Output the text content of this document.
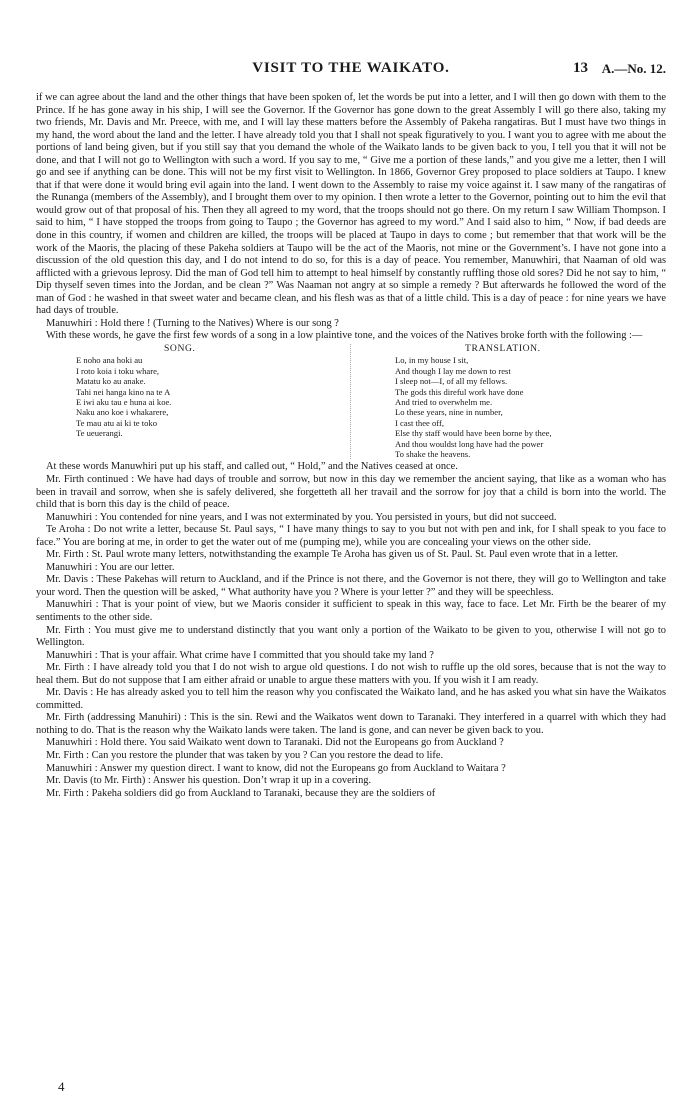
VISIT TO THE WAIKATO.	13 A.—No. 12.

if we can agree about the land and the other things that have been spoken of, let the words be put into a letter, and I will then go down with them to the Prince. If he has gone away in his ship, I will see the Governor. If the Governor has gone down to the great Assembly I will go there also, taking my two friends, Mr. Davis and Mr. Preece, with me, and I will lay these matters before the Assembly of Pakeha rangatiras. But I must have two things in my hand, the word about the land and the letter. I have already told you that I shall not speak figuratively to you. I want you to agree with me about the portions of land being given, but if you still say that you demand the whole of the Waikato lands to be given back to you, I tell you that it will not be done, and that I will not go to Wellington with such a word. If you say to me, “ Give me a portion of these lands,” and you give me a letter, then I will go and see if anything can be done. This will not be my first visit to Wellington. In 1866, Governor Grey proposed to place soldiers at Taupo. I knew that if that were done it would bring evil again into the land. I went down to the Assembly to raise my voice against it. I saw many of the rangatiras of the Runanga (members of the Assembly), and I brought them over to my opinion. I then wrote a letter to the Governor, pointing out to him the evil that would grow out of that proposal of his. Then they all agreed to my word, that the troops should not go there. On my return I saw William Thompson. I said to him, “ I have stopped the troops from going to Taupo ; the Governor has agreed to my word.” And I said also to him, “ Now, if bad deeds are done in this country, if women and children are killed, the troops will be placed at Taupo in days to come ; but remember that that work will be the work of the Maoris, the placing of these Pakeha soldiers at Taupo will be the act of the Maoris, not mine or the Government’s. I have not gone into a discussion of the old question this day, and I do not intend to do so, for this is a day of peace. You remember, Manuwhiri, that Naaman of old was afflicted with a grievous leprosy. Did the man of God tell him to attempt to heal himself by constantly ruffling those old sores? Did he not say to him, “ Dip thyself seven times into the Jordan, and be clean ?” Was Naaman not angry at so simple a remedy ? But afterwards he followed the word of the man of God : he washed in that sweet water and became clean, and his flesh was as that of a little child. This is a day of peace : for nine years we have had days of trouble.

Manuwhiri : Hold there ! (Turning to the Natives) Where is our song ?

With these words, he gave the first few words of a song in a low plaintive tone, and the voices of the Natives broke forth with the following :—

SONG.
E noho ana hoki au
I roto koia i toku whare,
Matatu ko au anake.
Tahi nei hanga kino na te A
E iwi aku tau e huna ai koe.
Naku ano koe i whakarere,
Te mau atu ai ki te toko
Te ueuerangi.
TRANSLATION.
Lo, in my house I sit,
And though I lay me down to rest
I sleep not—I, of all my fellows.
The gods this direful work have done
And tried to overwhelm me.
Lo these years, nine in number,
I cast thee off,
Else thy staff would have been borne by thee,
And thou wouldst long have had the power
To shake the heavens.

At these words Manuwhiri put up his staff, and called out, “ Hold,” and the Natives ceased at once.

Mr. Firth continued : We have had days of trouble and sorrow, but now in this day we remember the ancient saying, that like as a woman who has been in travail and sorrow, when she is safely delivered, she forgetteth all her travail and the sorrow for joy that a child is born into the world. The child that is born this day is the child of peace.

Manuwhiri : You contended for nine years, and I was not exterminated by you. You persisted in yours, but did not succeed.

Te Aroha : Do not write a letter, because St. Paul says, “ I have many things to say to you but not with pen and ink, for I shall speak to you face to face.” You are boring at me, in order to get the water out of me (pumping me), while you are concealing your views on the other side.

Mr. Firth : St. Paul wrote many letters, notwithstanding the example Te Aroha has given us of St. Paul. St. Paul even wrote that in a letter.

Manuwhiri : You are our letter.

Mr. Davis : These Pakehas will return to Auckland, and if the Prince is not there, and the Governor is not there, they will go to Wellington and take your word. Then the question will be asked, “ What authority have you ? Where is your letter ?” and they will be speechless.

Manuwhiri : That is your point of view, but we Maoris consider it sufficient to speak in this way, face to face. Let Mr. Firth be the bearer of my sentiments to the other side.

Mr. Firth : You must give me to understand distinctly that you want only a portion of the Waikato to be given to you, otherwise I will not go to Wellington.

Manuwhiri : That is your affair. What crime have I committed that you should take my land ?

Mr. Firth : I have already told you that I do not wish to argue old questions. I do not wish to ruffle up the old sores, because that is not the way to heal them. But do not suppose that I am either afraid or unable to argue these matters with you. If you wish it I am ready.

Mr. Davis : He has already asked you to tell him the reason why you confiscated the Waikato land, and he has asked you what sin have the Waikatos committed.

Mr. Firth (addressing Manuhiri) : This is the sin. Rewi and the Waikatos went down to Taranaki. They interfered in a quarrel with which they had nothing to do. That is the reason why the Waikato lands were taken. The land is gone, and can never be given back to you.

Manuwhiri : Hold there. You said Waikato went down to Taranaki. Did not the Europeans go from Auckland ?

Mr. Firth : Can you restore the plunder that was taken by you ? Can you restore the dead to life.

Manuwhiri : Answer my question direct. I want to know, did not the Europeans go from Auckland to Waitara ?

Mr. Davis (to Mr. Firth) : Answer his question. Don’t wrap it up in a covering.

Mr. Firth : Pakeha soldiers did go from Auckland to Taranaki, because they are the soldiers of

4
